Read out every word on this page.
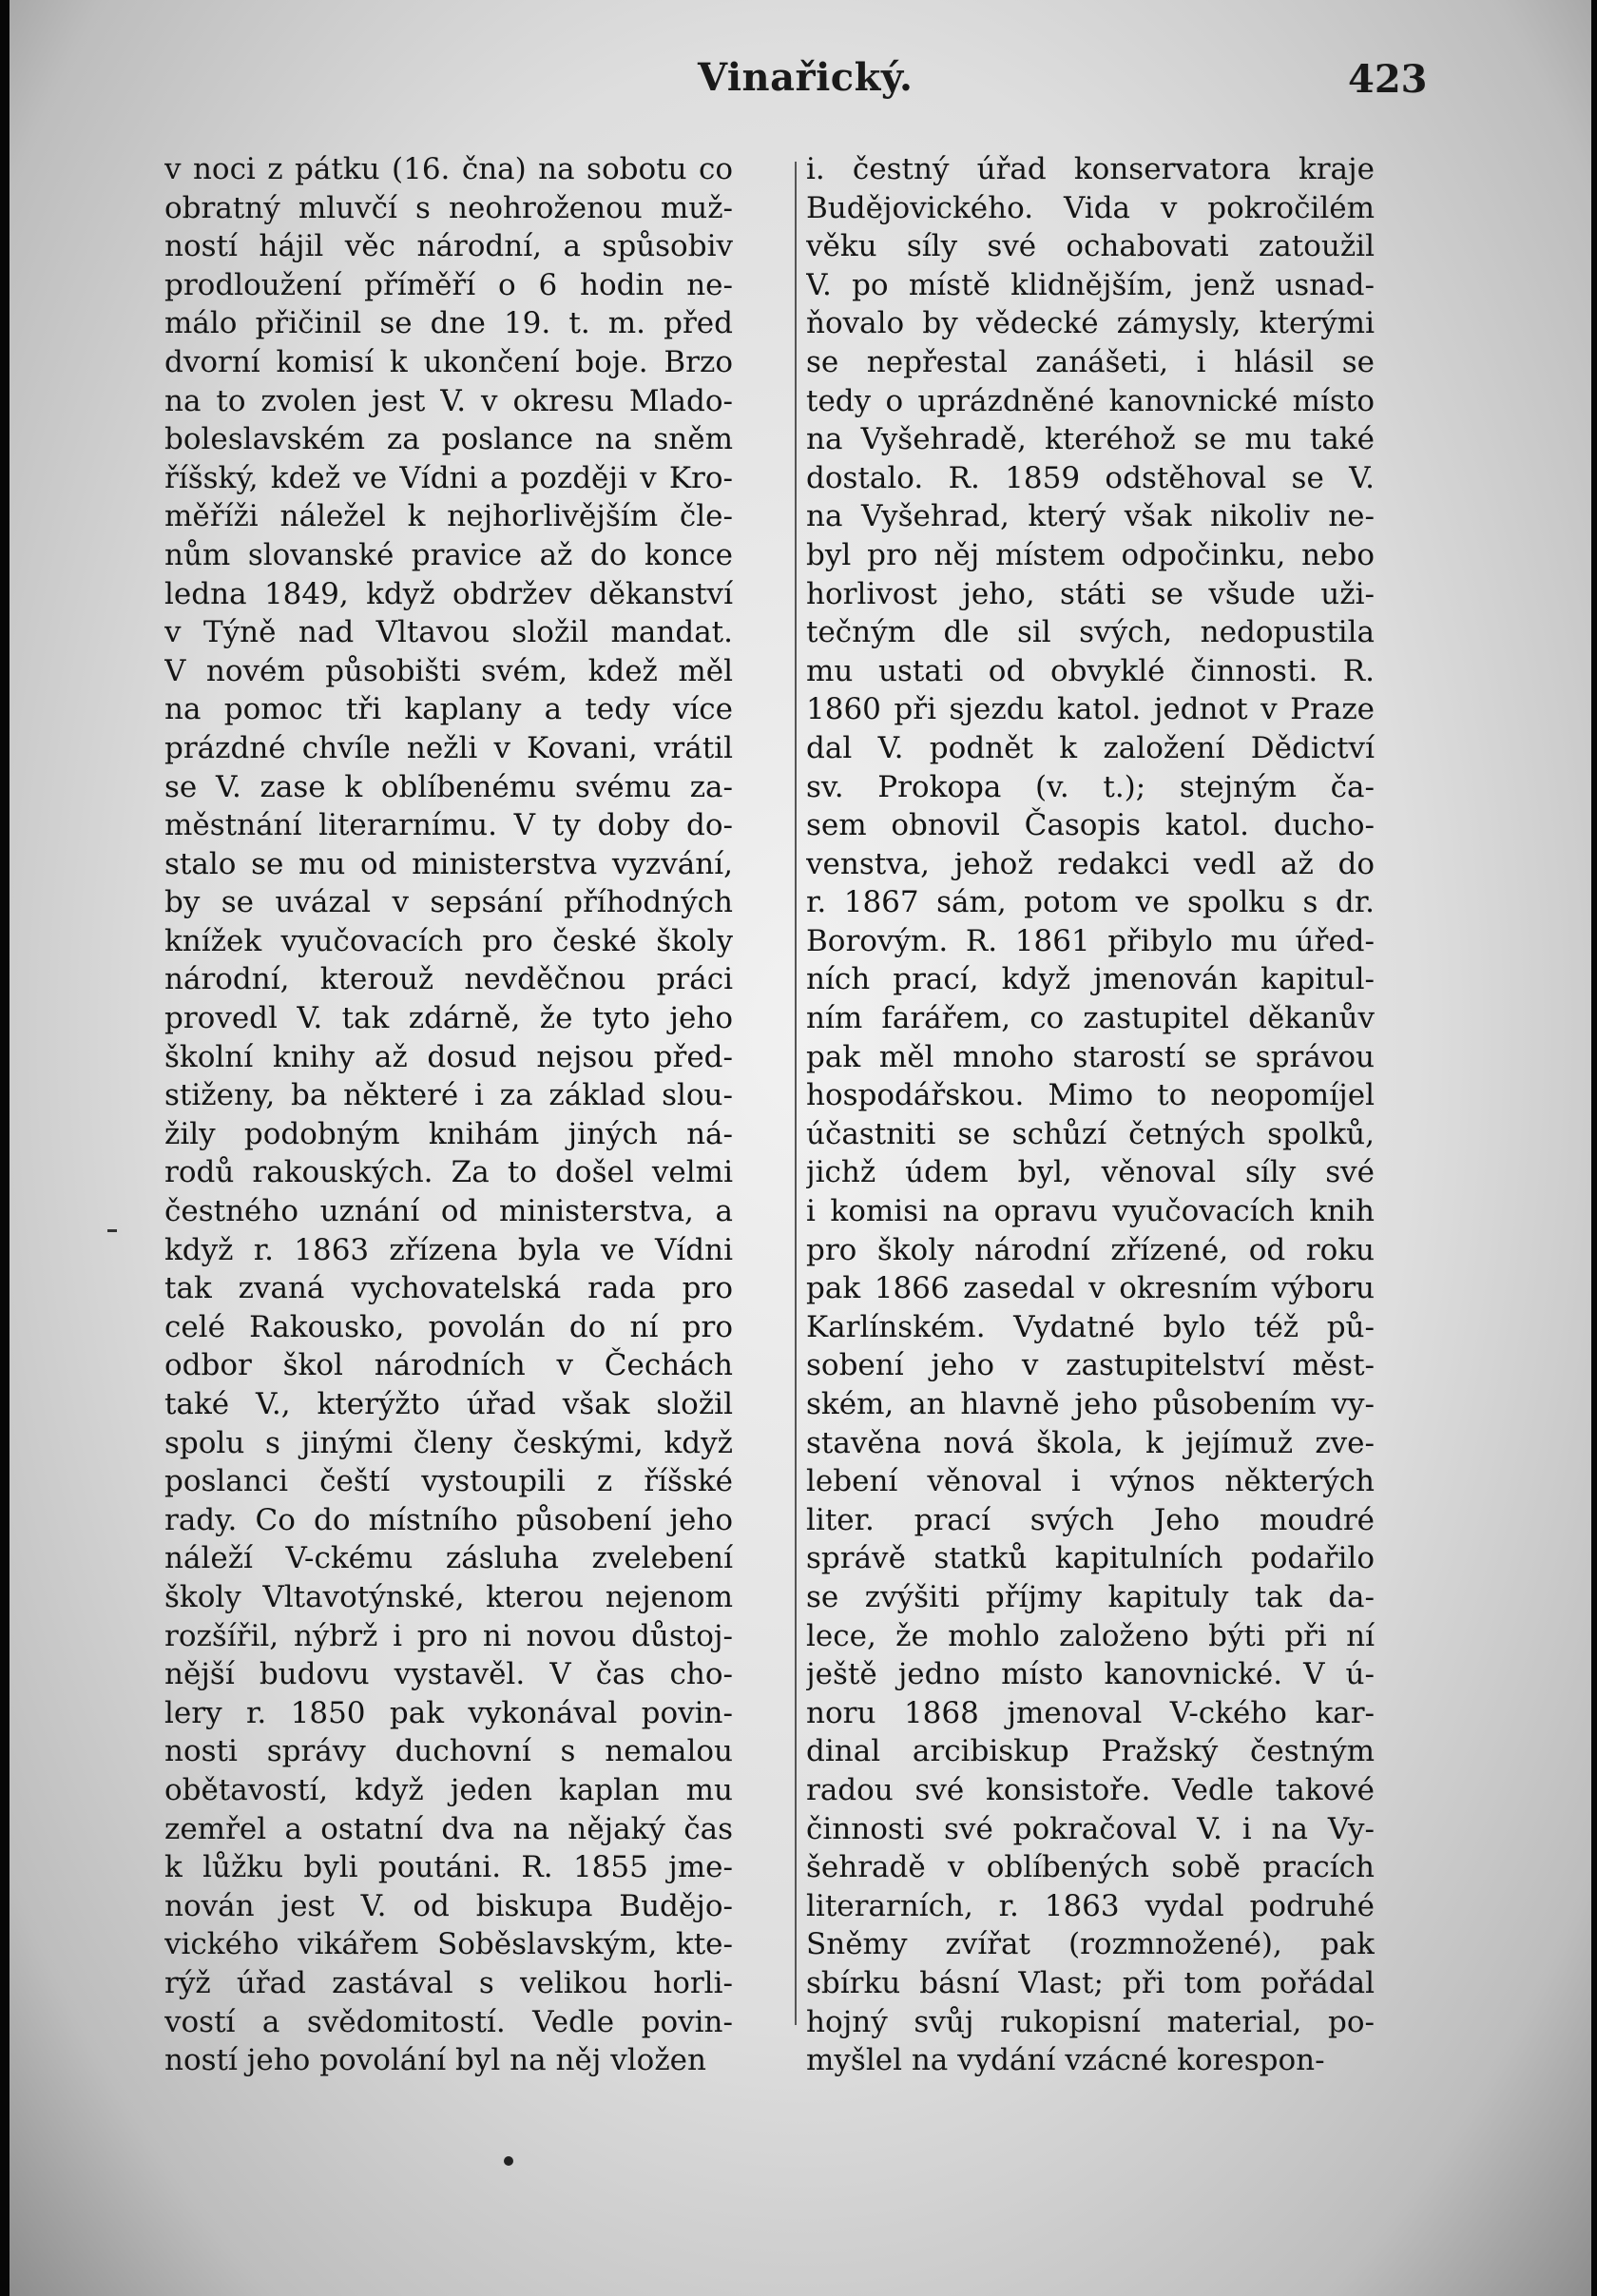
Vinařický.	423
v noci z pátku (16. čna) na sobotu co
obratný mluvčí s neohroženou muž-
ností hájil věc národní, a spůsobiv
prodloužení příměří o 6 hodin ne-
málo přičinil se dne 19. t. m. před
dvorní komisí k ukončení boje. Brzo
na to zvolen jest V. v okresu Mlado-
boleslavském za poslance na sněm
říšský, kdež ve Vídni a později v Kro-
měříži náležel k nejhorlivějším čle-
nům slovanské pravice až do konce
ledna 1849, když obdržev děkanství
v Týně nad Vltavou složil mandat.
V novém působišti svém, kdež měl
na pomoc tři kaplany a tedy více
prázdné chvíle nežli v Kovani, vrátil
se V. zase k oblíbenému svému za-
městnání literarnímu. V ty doby do-
stalo se mu od ministerstva vyzvání,
by se uvázal v sepsání příhodných
knížek vyučovacích pro české školy
národní, kterouž nevděčnou práci
provedl V. tak zdárně, že tyto jeho
školní knihy až dosud nejsou před-
stiženy, ba některé i za základ slou-
žily podobným knihám jiných ná-
rodů rakouských. Za to došel velmi
čestného uznání od ministerstva, a
když r. 1863 zřízena byla ve Vídni
tak zvaná vychovatelská rada pro
celé Rakousko, povolán do ní pro
odbor škol národních v Čechách
také V., kterýžto úřad však složil
spolu s jinými členy českými, když
poslanci čeští vystoupili z říšské
rady. Co do místního působení jeho
náleží V-ckému zásluha zvelebení
školy Vltavotýnské, kterou nejenom
rozšířil, nýbrž i pro ni novou důstoj-
nější budovu vystavěl. V čas cho-
lery r. 1850 pak vykonával povin-
nosti správy duchovní s nemalou
obětavostí, když jeden kaplan mu
zemřel a ostatní dva na nějaký čas
k lůžku byli poutáni. R. 1855 jme-
nován jest V. od biskupa Budějo-
vického vikářem Soběslavským, kte-
rýž úřad zastával s velikou horli-
vostí a svědomitostí. Vedle povin-
ností jeho povolání byl na něj vložen
i. čestný úřad konservatora kraje
Budějovického. Vida v pokročilém
věku síly své ochabovati zatoužil
V. po místě klidnějším, jenž usnad-
ňovalo by vědecké zámysly, kterými
se nepřestal zanášeti, i hlásil se
tedy o uprázdněné kanovnické místo
na Vyšehradě, kteréhož se mu také
dostalo. R. 1859 odstěhoval se V.
na Vyšehrad, který však nikoliv ne-
byl pro něj místem odpočinku, nebo
horlivost jeho, státi se všude uži-
tečným dle sil svých, nedopustila
mu ustati od obvyklé činnosti. R.
1860 při sjezdu katol. jednot v Praze
dal V. podnět k založení Dědictví
sv. Prokopa (v. t.); stejným ča-
sem obnovil Časopis katol. ducho-
venstva, jehož redakci vedl až do
r. 1867 sám, potom ve spolku s dr.
Borovým. R. 1861 přibylo mu úřed-
ních prací, když jmenován kapitul-
ním farářem, co zastupitel děkanův
pak měl mnoho starostí se správou
hospodářskou. Mimo to neopomíjel
účastniti se schůzí četných spolků,
jichž údem byl, věnoval síly své
i komisi na opravu vyučovacích knih
pro školy národní zřízené, od roku
pak 1866 zasedal v okresním výboru
Karlínském. Vydatné bylo též pů-
sobení jeho v zastupitelství měst-
ském, an hlavně jeho působením vy-
stavěna nová škola, k jejímuž zve-
lebení věnoval i výnos některých
liter. prací svých Jeho moudré
správě statků kapitulních podařilo
se zvýšiti příjmy kapituly tak da-
lece, že mohlo založeno býti při ní
ještě jedno místo kanovnické. V ú-
noru 1868 jmenoval V-ckého kar-
dinal arcibiskup Pražský čestným
radou své konsistoře. Vedle takové
činnosti své pokračoval V. i na Vy-
šehradě v oblíbených sobě pracích
literarních, r. 1863 vydal podruhé
Sněmy zvířat (rozmnožené), pak
sbírku básní Vlast; při tom pořádal
hojný svůj rukopisní material, po-
myšlel na vydání vzácné korespon-
